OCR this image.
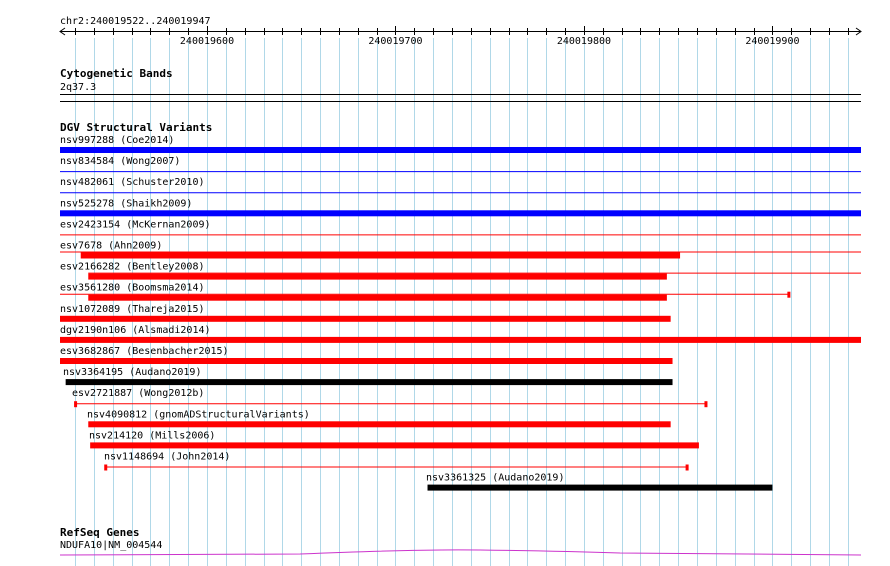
chr2:240019522..240019947
240019600	240019700	240019800	240019900
Cytogenetic Bands
2q37.3
DGV Structural Variants
nsv997288 (Coe2014)
nsv834584 (Wong2007)
nsv482061 (Schuster2010)
nsv525278 (Shaikh2009)
esv2423154 (McKernan2009)
esv7678 (Ahn2009)
esv2166282 (Bentley2008)
esv3561280 (Boomsma2014)
nsv1072089 (Thareja2015)
dgv2190n106 (Alsmadi2014)
esv3682867 (Besenbacher2015)
nsv3364195 (Audano2019)
esv2721887 (Wong2012b)
nsv4090812 (gnomADStructuralVariants)
nsv214120 (Mills2006)
nsv1148694 (John2014)
nsv3361325 (Audano2019)
RefSeq Genes
NDUFA10|NM_004544
